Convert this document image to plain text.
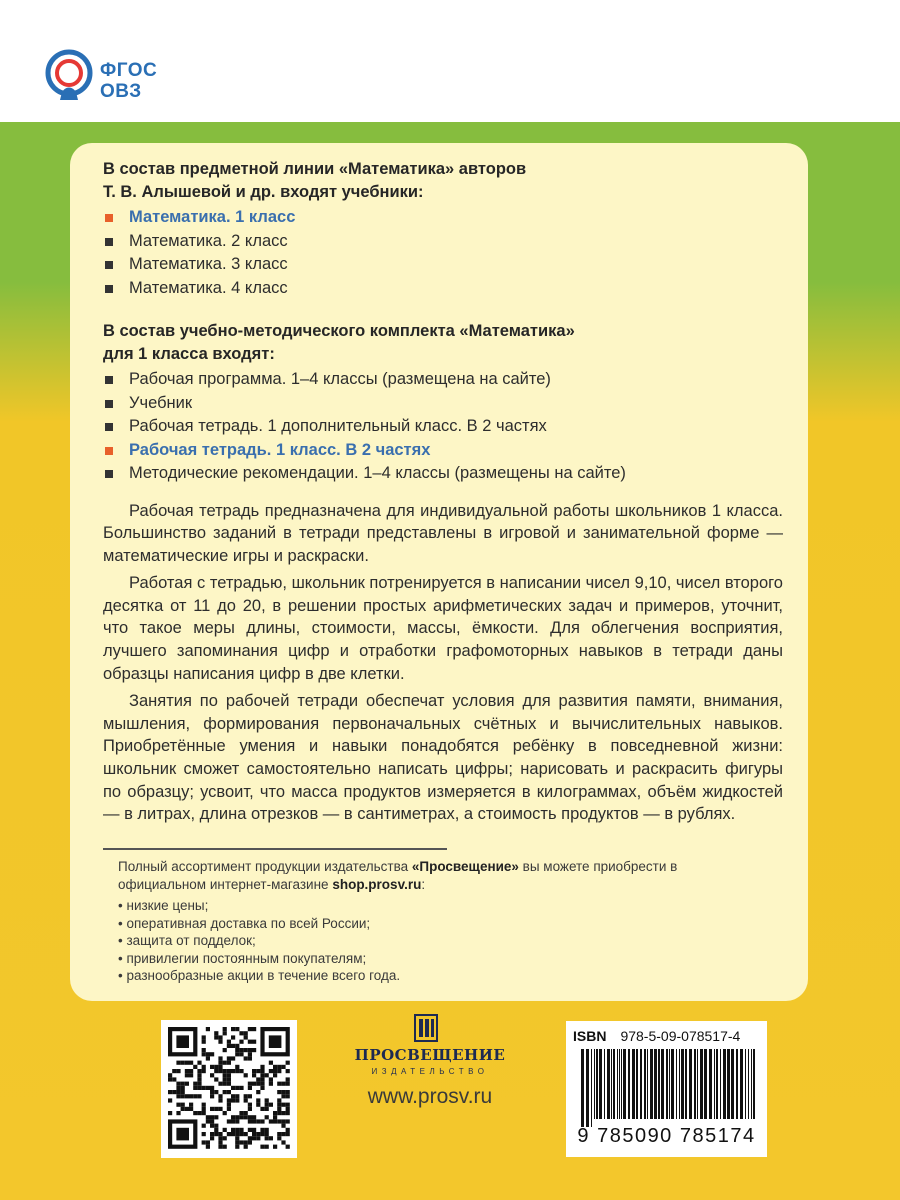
ФГОС
ОВЗ
В состав предметной линии «Математика» авторов
Т. В. Алышевой и др. входят учебники:
Математика. 1 класс
Математика. 2 класс
Математика. 3 класс
Математика. 4 класс
В состав учебно-методического комплекта «Математика»
для 1 класса входят:
Рабочая программа. 1–4 классы (размещена на сайте)
Учебник
Рабочая тетрадь. 1 дополнительный класс. В 2 частях
Рабочая тетрадь. 1 класс. В 2 частях
Методические рекомендации. 1–4 классы (размещены на сайте)

Рабочая тетрадь предназначена для индивидуальной работы школьников 1 класса. Большинство заданий в тетради представлены в игровой и занимательной форме — математические игры и раскраски.

Работая с тетрадью, школьник потренируется в написании чисел 9,10, чисел второго десятка от 11 до 20, в решении простых арифметических задач и примеров, уточнит, что такое меры длины, стоимости, массы, ёмкости. Для облегчения восприятия, лучшего запоминания цифр и отработки графомоторных навыков в тетради даны образцы написания цифр в две клетки.

Занятия по рабочей тетради обеспечат условия для развития памяти, внимания, мышления, формирования первоначальных счётных и вычислительных навыков. Приобретённые умения и навыки понадобятся ребёнку в повседневной жизни: школьник сможет самостоятельно написать цифры; нарисовать и раскрасить фигуры по образцу; усвоит, что масса продуктов измеряется в килограммах, объём жидкостей — в литрах, длина отрезков — в сантиметрах, а стоимость продуктов — в рублях.

Полный ассортимент продукции издательства «Просвещение» вы можете приобрести в официальном интернет-магазине shop.prosv.ru:
• низкие цены;
• оперативная доставка по всей России;
• защита от подделок;
• привилегии постоянным покупателям;
• разнообразные акции в течение всего года.
ПРОСВЕЩЕНИЕ
ИЗДАТЕЛЬСТВО
www.prosv.ru
ISBN 978-5-09-078517-4
9 785090 785174
